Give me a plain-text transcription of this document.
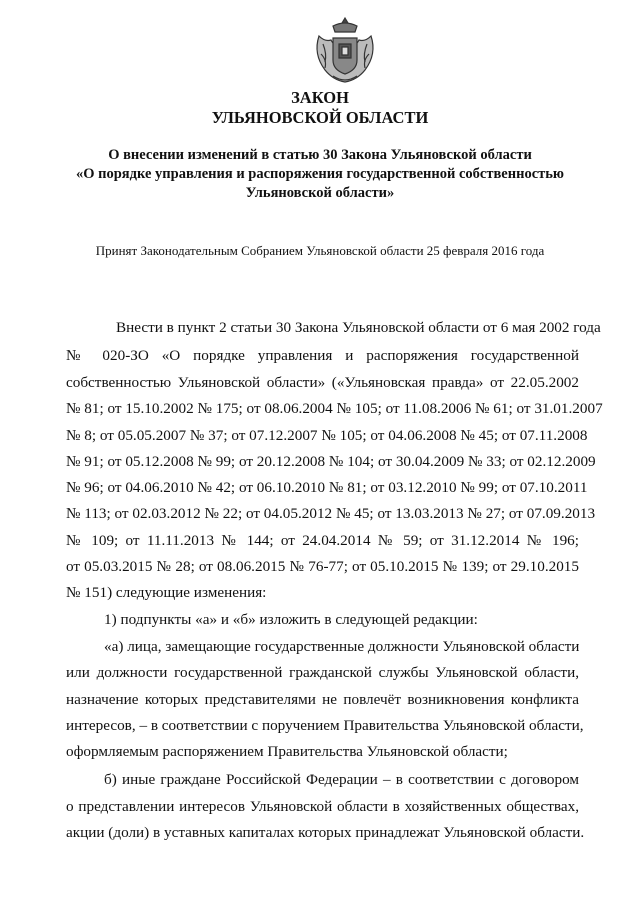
ЗАКОН
УЛЬЯНОВСКОЙ ОБЛАСТИ
О внесении изменений в статью 30 Закона Ульяновской области
«О порядке управления и распоряжения государственной собственностью
Ульяновской области»
Принят Законодательным Собранием Ульяновской области 25 февраля 2016 года
Внести в пункт 2 статьи 30 Закона Ульяновской области от 6 мая 2002 года
№ 020-ЗО «О порядке управления и распоряжения государственной
собственностью Ульяновской области» («Ульяновская правда» от 22.05.2002
№ 81; от 15.10.2002 № 175; от 08.06.2004 № 105; от 11.08.2006 № 61; от 31.01.2007
№ 8; от 05.05.2007 № 37; от 07.12.2007 № 105; от 04.06.2008 № 45; от 07.11.2008
№ 91; от 05.12.2008 № 99; от 20.12.2008 № 104; от 30.04.2009 № 33; от 02.12.2009
№ 96; от 04.06.2010 № 42; от 06.10.2010 № 81; от 03.12.2010 № 99; от 07.10.2011
№ 113; от 02.03.2012 № 22; от 04.05.2012 № 45; от 13.03.2013 № 27; от 07.09.2013
№ 109; от 11.11.2013 № 144; от 24.04.2014 № 59; от 31.12.2014 № 196;
от 05.03.2015 № 28; от 08.06.2015 № 76-77; от 05.10.2015 № 139; от 29.10.2015
№ 151) следующие изменения:
1) подпункты «а» и «б» изложить в следующей редакции:
«а) лица, замещающие государственные должности Ульяновской области
или должности государственной гражданской службы Ульяновской области,
назначение которых представителями не повлечёт возникновения конфликта
интересов, – в соответствии с поручением Правительства Ульяновской области,
оформляемым распоряжением Правительства Ульяновской области;
б) иные граждане Российской Федерации – в соответствии с договором
о представлении интересов Ульяновской области в хозяйственных обществах,
акции (доли) в уставных капиталах которых принадлежат Ульяновской области.
